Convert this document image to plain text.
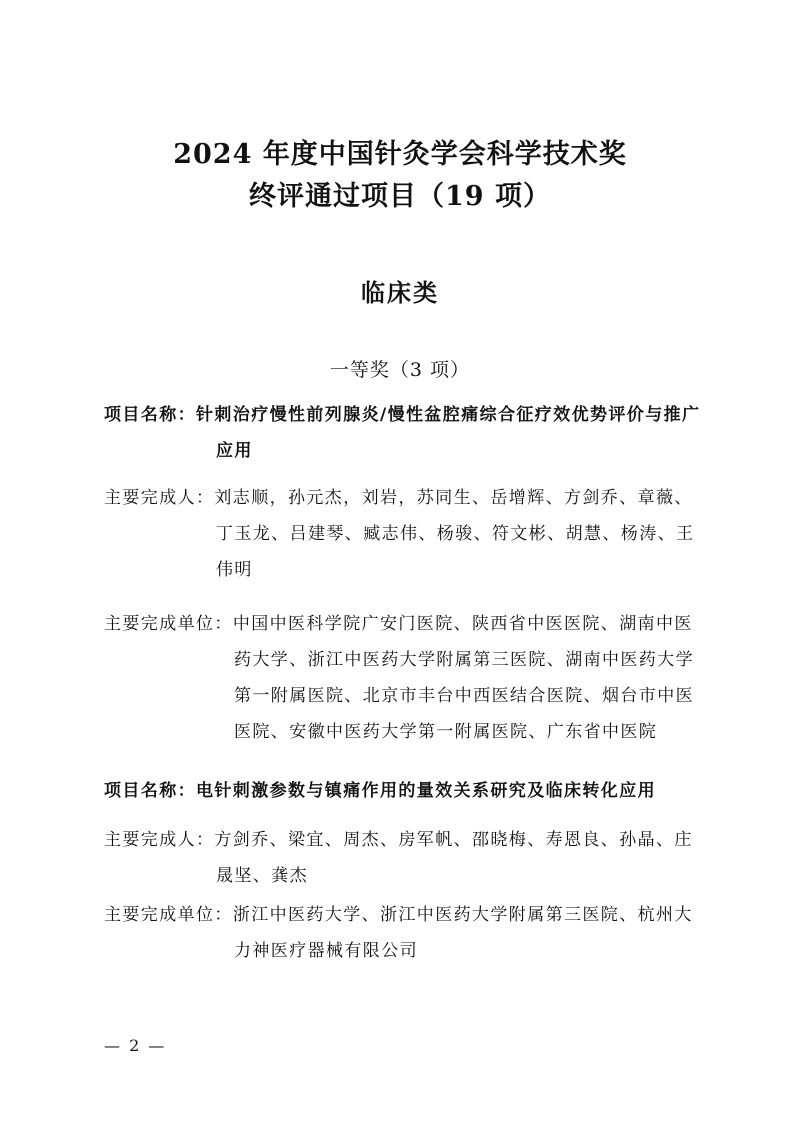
2024 年度中国针灸学会科学技术奖
终评通过项目（19 项）
临床类
一等奖（3 项）
项目名称：针刺治疗慢性前列腺炎/慢性盆腔痛综合征疗效优势评价与推广应用
主要完成人：刘志顺，孙元杰，刘岩，苏同生、岳增辉、方剑乔、章薇、丁玉龙、吕建琴、臧志伟、杨骏、符文彬、胡慧、杨涛、王伟明
主要完成单位：中国中医科学院广安门医院、陕西省中医医院、湖南中医药大学、浙江中医药大学附属第三医院、湖南中医药大学第一附属医院、北京市丰台中西医结合医院、烟台市中医医院、安徽中医药大学第一附属医院、广东省中医院
项目名称：电针刺激参数与镇痛作用的量效关系研究及临床转化应用
主要完成人：方剑乔、梁宜、周杰、房军帆、邵晓梅、寿恩良、孙晶、庄晟坚、龚杰
主要完成单位：浙江中医药大学、浙江中医药大学附属第三医院、杭州大力神医疗器械有限公司
— 2 —
